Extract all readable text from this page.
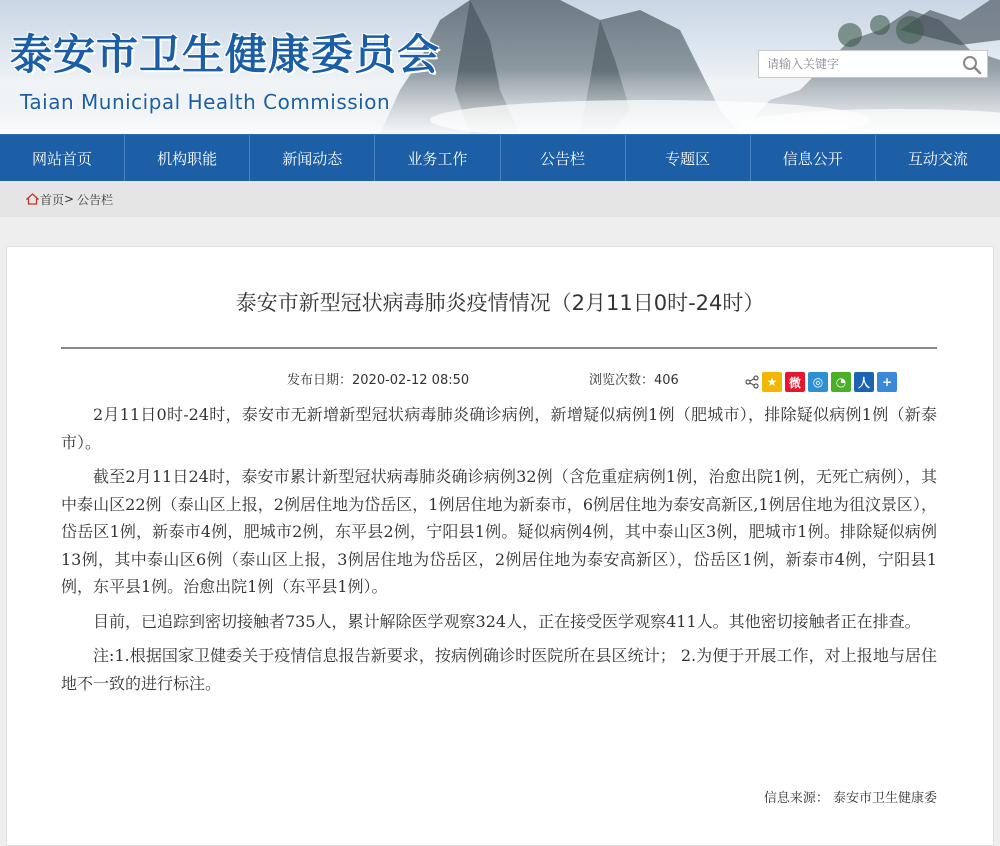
泰安市卫生健康委员会
Taian Municipal Health Commission
请输入关键字
网站首页	机构职能	新闻动态	业务工作	公告栏	专题区	信息公开	互动交流
首页 > 公告栏
泰安市新型冠状病毒肺炎疫情情况（2月11日0时-24时）
发布日期：2020-02-12 08:50	浏览次数：406	★ 微 ◎	◔ 人 +

2月11日0时-24时，泰安市无新增新型冠状病毒肺炎确诊病例，新增疑似病例1例（肥城市），排除疑似病例1例（新泰市）。

截至2月11日24时，泰安市累计新型冠状病毒肺炎确诊病例32例（含危重症病例1例，治愈出院1例，无死亡病例），其中泰山区22例（泰山区上报，2例居住地为岱岳区，1例居住地为新泰市，6例居住地为泰安高新区,1例居住地为徂汶景区），岱岳区1例，新泰市4例，肥城市2例，东平县2例，宁阳县1例。疑似病例4例，其中泰山区3例，肥城市1例。排除疑似病例13例，其中泰山区6例（泰山区上报，3例居住地为岱岳区，2例居住地为泰安高新区），岱岳区1例，新泰市4例，宁阳县1例，东平县1例。治愈出院1例（东平县1例）。

目前，已追踪到密切接触者735人，累计解除医学观察324人，正在接受医学观察411人。其他密切接触者正在排查。

注:1.根据国家卫健委关于疫情信息报告新要求，按病例确诊时医院所在县区统计； 2.为便于开展工作，对上报地与居住地不一致的进行标注。

信息来源： 泰安市卫生健康委
